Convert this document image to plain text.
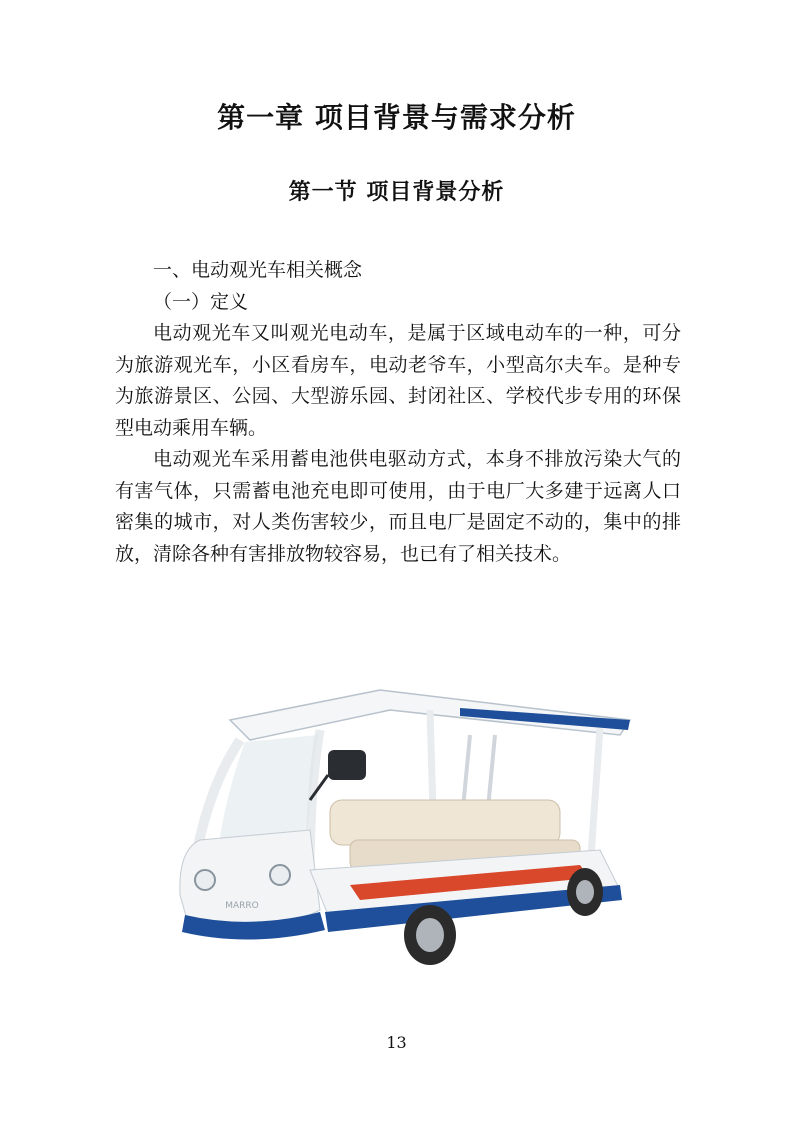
第一章 项目背景与需求分析
第一节 项目背景分析

一、电动观光车相关概念

（一）定义

电动观光车又叫观光电动车，是属于区域电动车的一种，可分为旅游观光车，小区看房车，电动老爷车，小型高尔夫车。是种专为旅游景区、公园、大型游乐园、封闭社区、学校代步专用的环保型电动乘用车辆。

电动观光车采用蓄电池供电驱动方式，本身不排放污染大气的有害气体，只需蓄电池充电即可使用，由于电厂大多建于远离人口密集的城市，对人类伤害较少，而且电厂是固定不动的，集中的排放，清除各种有害排放物较容易，也已有了相关技术。

MARRO
13
